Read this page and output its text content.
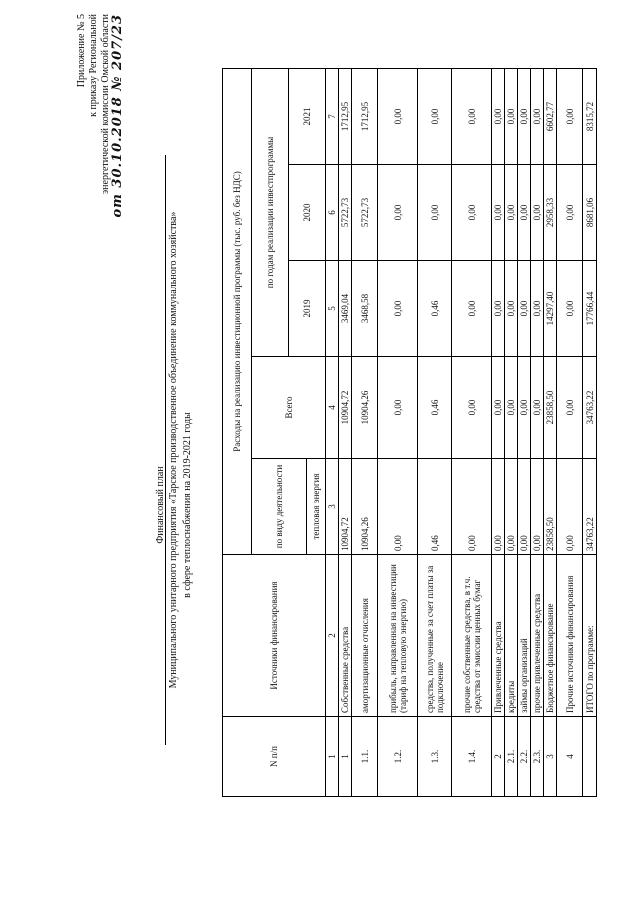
Приложение № 5 к приказу Региональной энергетической комиссии Омской области от 30.10.2018 № 207/23
Финансовый план Муниципального унитарного предприятия «Тарское производственное объединение коммунального хозяйства» в сфере теплоснабжения на 2019-2021 годы
N п/п	Источники финансирования	Расходы на реализацию инвестиционной программы (тыс. руб. без НДС)				
		по виду деятельности	Всего	по годам реализации инвестпрограммы		
				2019	2020	2021
		тепловая энергия				
1	2	3	4	5	6	7
1	Собственные средства	10904,72	10904,72	3469,04	5722,73	1712,95
1.1.	амортизационные отчисления	10904,26	10904,26	3468,58	5722,73	1712,95
1.2.	прибыль, направленная на инвестиции (тариф на тепловую энергию)	0,00	0,00	0,00	0,00	0,00
1.3.	средства, полученные за счет платы за подключение	0,46	0,46	0,46	0,00	0,00
1.4.	прочие собственные средства, в т.ч. средства от эмиссии ценных бумаг	0,00	0,00	0,00	0,00	0,00
2	Привлеченные средства	0,00	0,00	0,00	0,00	0,00
2.1.	кредиты	0,00	0,00	0,00	0,00	0,00
2.2.	займы организаций	0,00	0,00	0,00	0,00	0,00
2.3.	прочие привлеченные средства	0,00	0,00	0,00	0,00	0,00
3	Бюджетное финансирование	23858,50	23858,50	14297,40	2958,33	6602,77
4	Прочие источники финансирования	0,00	0,00	0,00	0,00	0,00
	ИТОГО по программе:	34763,22	34763,22	17766,44	8681,06	8315,72
